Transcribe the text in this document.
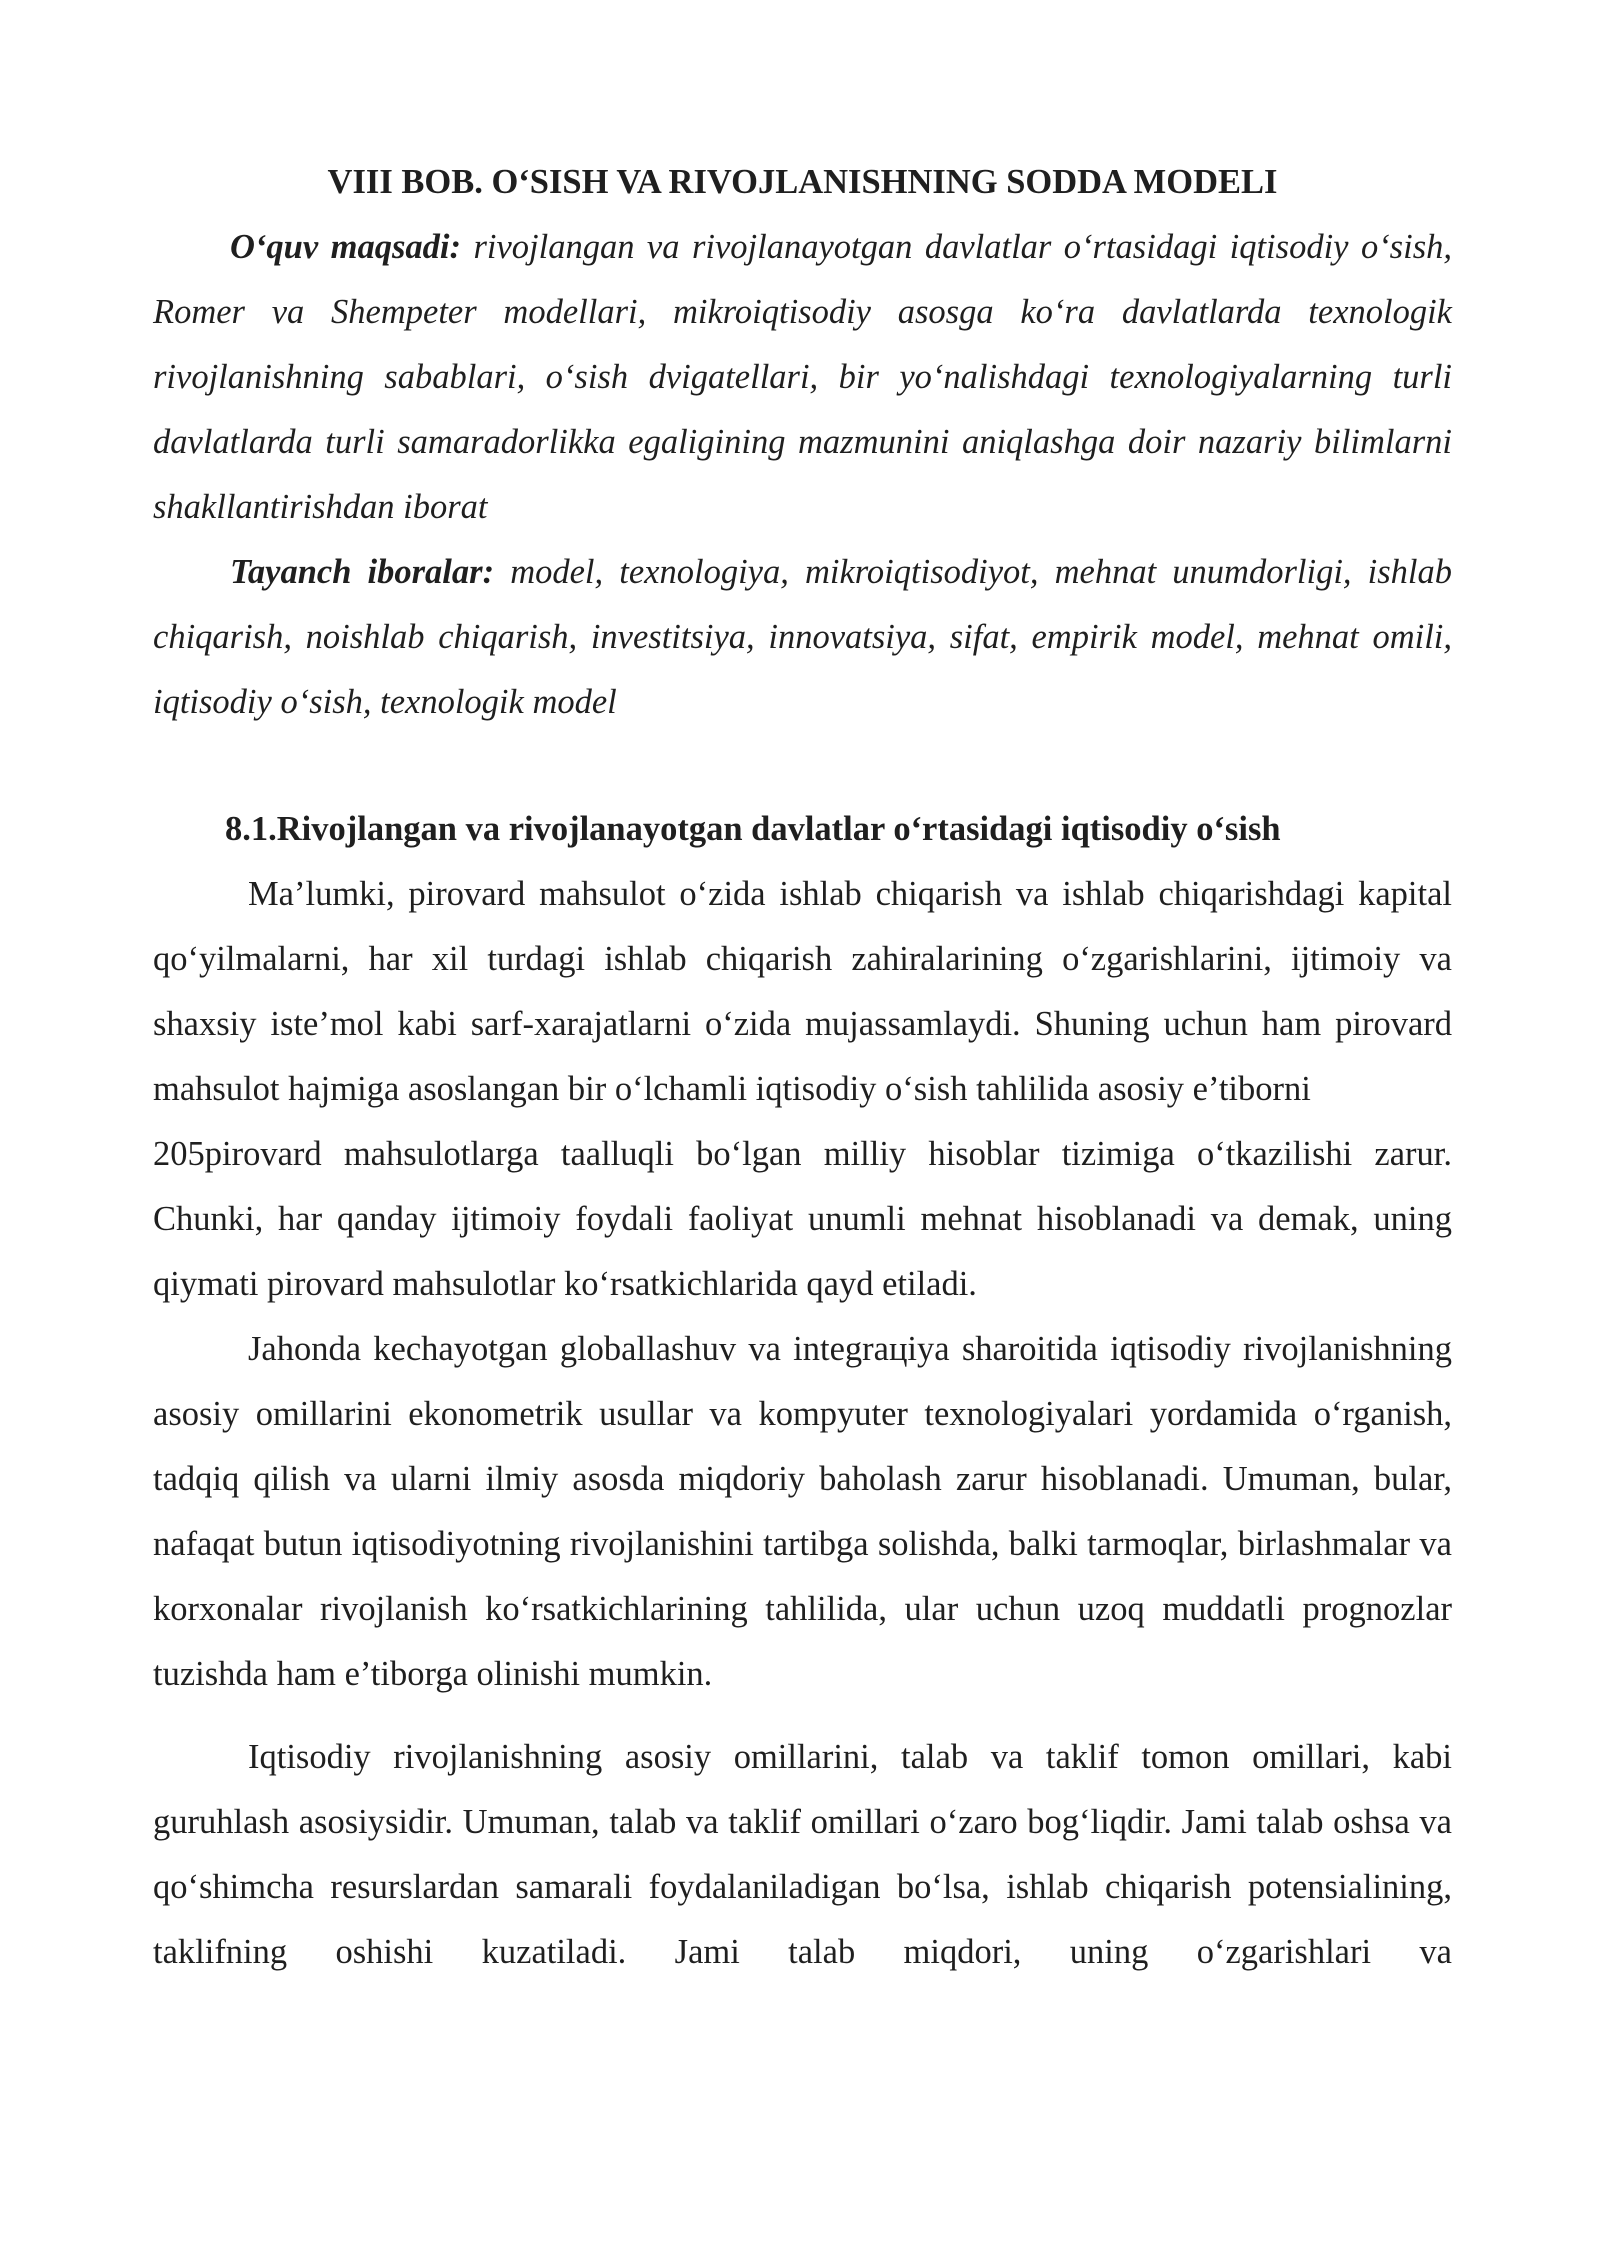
VIII BOB. O‘SISH VA RIVOJLANISHNING SODDA MODELI

O‘quv maqsadi: rivojlangan va rivojlanayotgan davlatlar o‘rtasidagi iqtisodiy o‘sish, Romer va Shempeter modellari, mikroiqtisodiy asosga ko‘ra davlatlarda texnologik rivojlanishning sabablari, o‘sish dvigatellari, bir yo‘nalishdagi texnologiyalarning turli davlatlarda turli samaradorlikka egaligining mazmunini aniqlashga doir nazariy bilimlarni shakllantirishdan iborat

Tayanch iboralar: model, texnologiya, mikroiqtisodiyot, mehnat unumdorligi, ishlab chiqarish, noishlab chiqarish, investitsiya, innovatsiya, sifat, empirik model, mehnat omili, iqtisodiy o‘sish, texnologik model

8.1.Rivojlangan va rivojlanayotgan davlatlar o‘rtasidagi iqtisodiy o‘sish

Ma’lumki, pirovard mahsulot o‘zida ishlab chiqarish va ishlab chiqarishdagi kapital qo‘yilmalarni, har xil turdagi ishlab chiqarish zahiralarining o‘zgarishlarini, ijtimoiy va shaxsiy iste’mol kabi sarf-xarajatlarni o‘zida mujassamlaydi. Shuning uchun ham pirovard mahsulot hajmiga asoslangan bir o‘lchamli iqtisodiy o‘sish tahlilida asosiy e’tiborni

205pirovard mahsulotlarga taalluqli bo‘lgan milliy hisoblar tizimiga o‘tkazilishi zarur. Chunki, har qanday ijtimoiy foydali faoliyat unumli mehnat hisoblanadi va demak, uning qiymati pirovard mahsulotlar ko‘rsatkichlarida qayd etiladi.

Jahonda kechayotgan globallashuv va integraцiya sharoitida iqtisodiy rivojlanishning asosiy omillarini ekonometrik usullar va kompyuter texnologiyalari yordamida o‘rganish, tadqiq qilish va ularni ilmiy asosda miqdoriy baholash zarur hisoblanadi. Umuman, bular, nafaqat butun iqtisodiyotning rivojlanishini tartibga solishda, balki tarmoqlar, birlashmalar va korxonalar rivojlanish ko‘rsatkichlarining tahlilida, ular uchun uzoq muddatli prognozlar tuzishda ham e’tiborga olinishi mumkin.

Iqtisodiy rivojlanishning asosiy omillarini, talab va taklif tomon omillari, kabi guruhlash asosiysidir. Umuman, talab va taklif omillari o‘zaro bog‘liqdir. Jami talab oshsa va qo‘shimcha resurslardan samarali foydalaniladigan bo‘lsa, ishlab chiqarish potensialining, taklifning oshishi kuzatiladi. Jami talab miqdori, uning o‘zgarishlari va
